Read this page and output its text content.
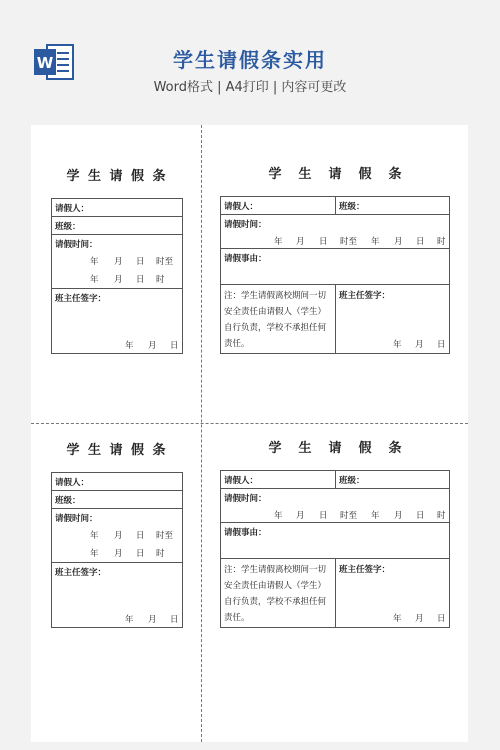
W	学生请假条实用
Word格式 | A4打印 | 内容可更改
学 生 请 假 条
请假人：
班级：
请假时间：
年 月 日 时至
年 月 日 时
班主任签字：
年 月 日
学　生　请　假　条
请假人：	班级：
请假时间：
年 月 日 时至 年 月 日 时
请假事由：
注：学生请假离校期间一切
安全责任由请假人（学生）
自行负责，学校不承担任何
责任。
班主任签字：
年 月 日
学 生 请 假 条
请假人：
班级：
请假时间：
年 月 日 时至
年 月 日 时
班主任签字：
年 月 日
学　生　请　假　条
请假人：	班级：
请假时间：
年 月 日 时至 年 月 日 时
请假事由：
注：学生请假离校期间一切
安全责任由请假人（学生）
自行负责，学校不承担任何
责任。
班主任签字：
年 月 日
